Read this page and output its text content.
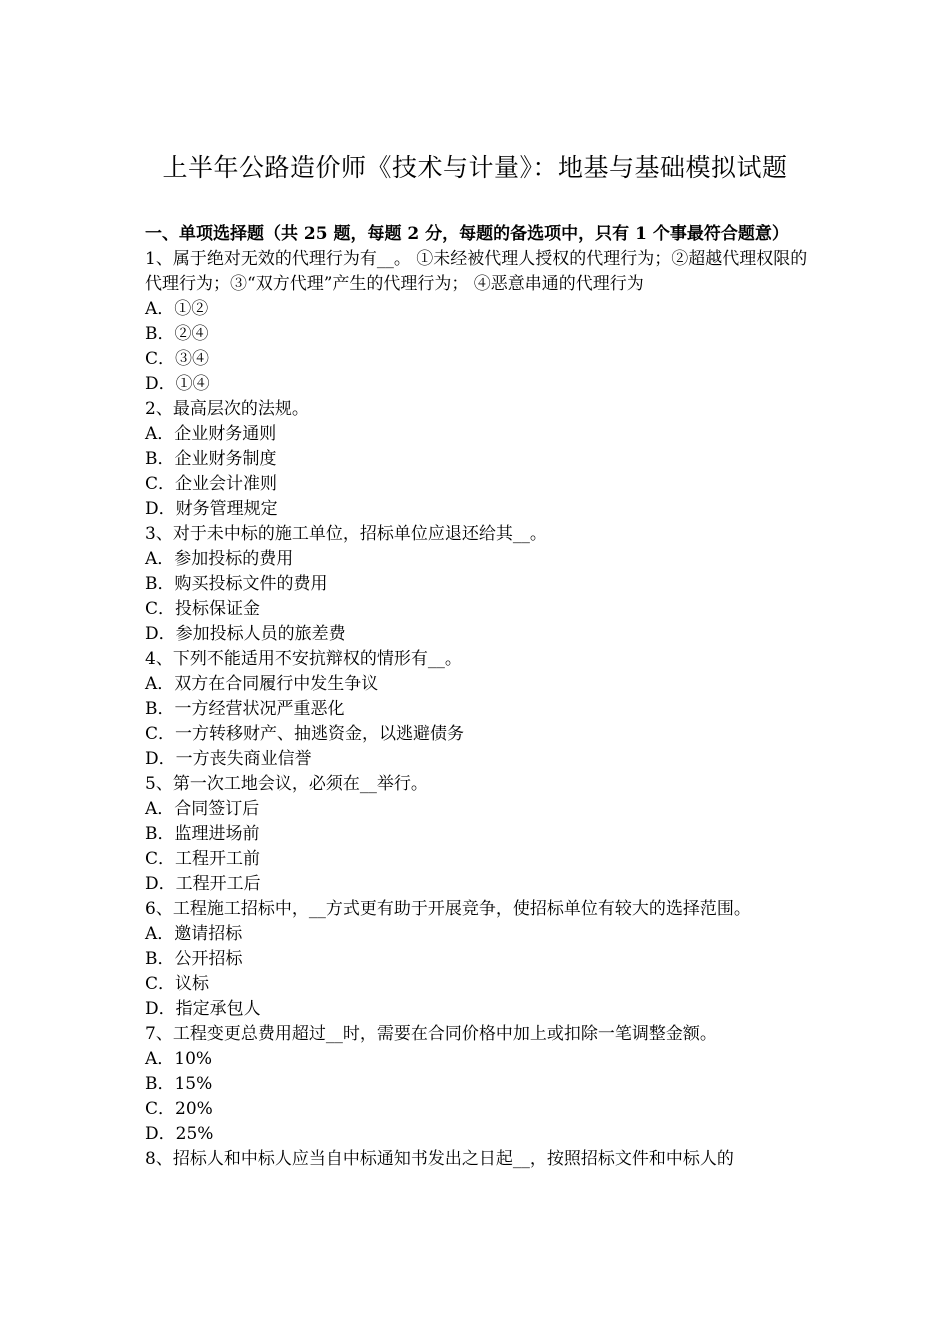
上半年公路造价师《技术与计量》：地基与基础模拟试题
一、单项选择题（共 25 题，每题 2 分，每题的备选项中，只有 1 个事最符合题意）
1、属于绝对无效的代理行为有__。 ①未经被代理人授权的代理行为；②超越代理权限的代理行为；③“双方代理”产生的代理行为； ④恶意串通的代理行为
A．①②
B．②④
C．③④
D．①④
2、最高层次的法规。
A．企业财务通则
B．企业财务制度
C．企业会计准则
D．财务管理规定
3、对于未中标的施工单位，招标单位应退还给其__。
A．参加投标的费用
B．购买投标文件的费用
C．投标保证金
D．参加投标人员的旅差费
4、下列不能适用不安抗辩权的情形有__。
A．双方在合同履行中发生争议
B．一方经营状况严重恶化
C．一方转移财产、抽逃资金，以逃避债务
D．一方丧失商业信誉
5、第一次工地会议，必须在__举行。
A．合同签订后
B．监理进场前
C．工程开工前
D．工程开工后
6、工程施工招标中，__方式更有助于开展竞争，使招标单位有较大的选择范围。
A．邀请招标
B．公开招标
C．议标
D．指定承包人
7、工程变更总费用超过__时，需要在合同价格中加上或扣除一笔调整金额。
A．10%
B．15%
C．20%
D．25%
8、招标人和中标人应当自中标通知书发出之日起__，按照招标文件和中标人的
